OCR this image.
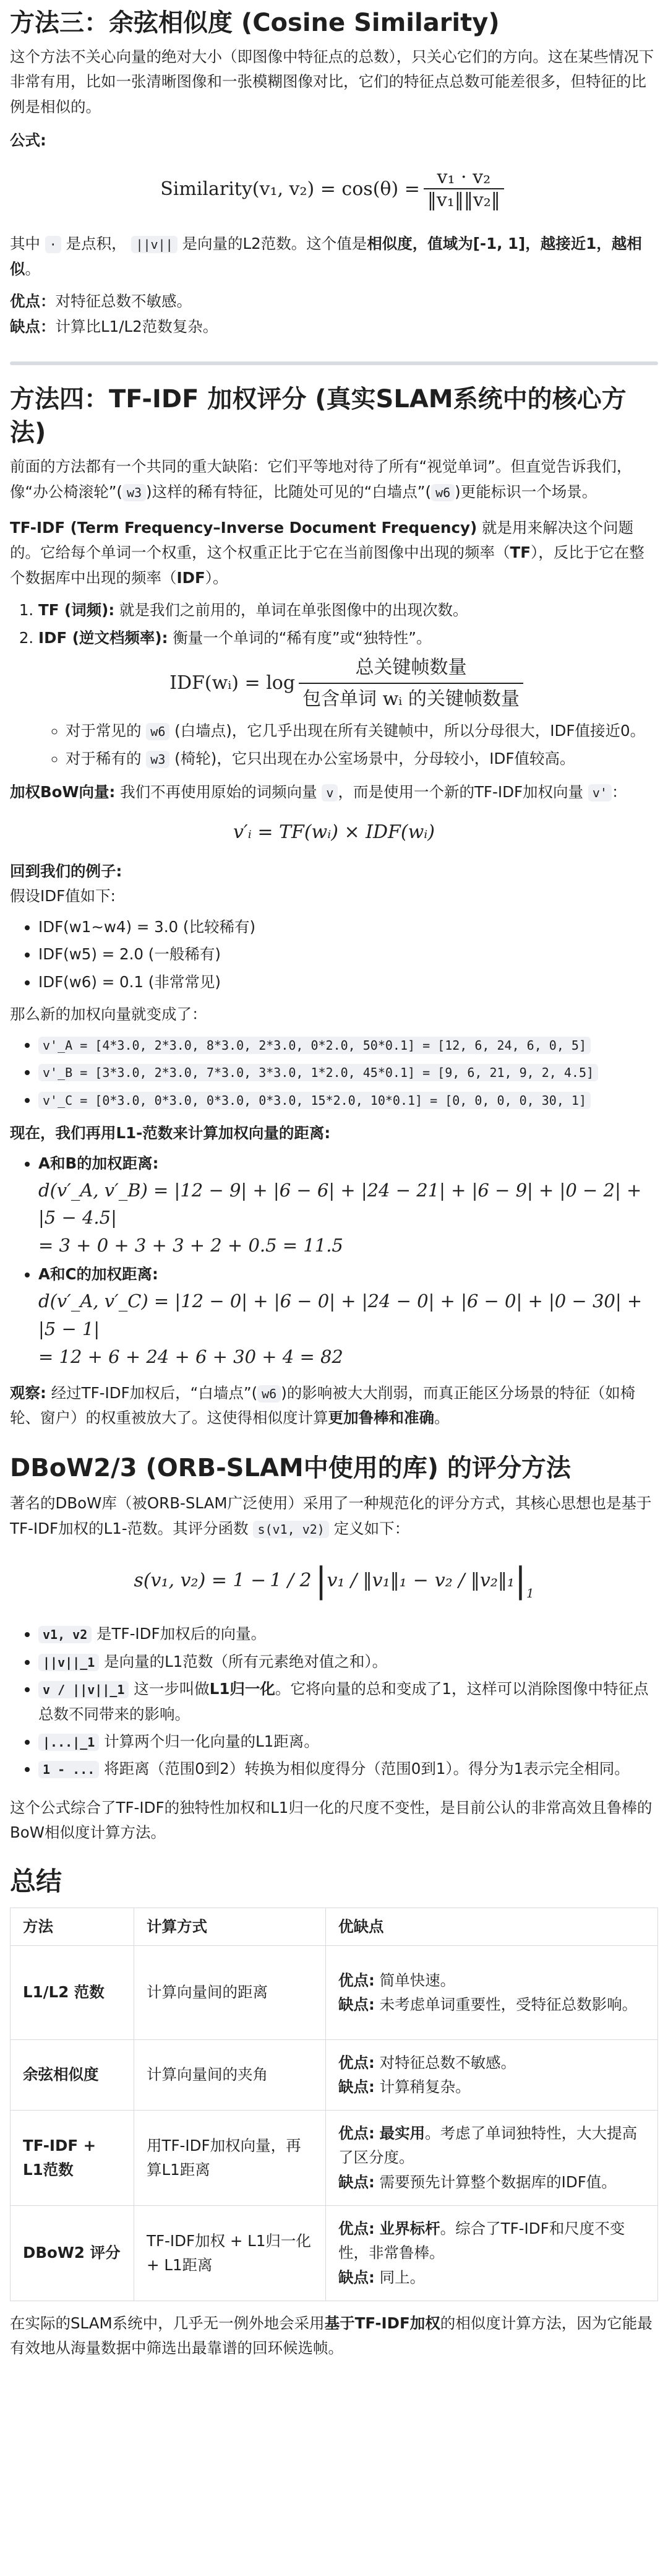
方法三：余弦相似度 (Cosine Similarity)

这个方法不关心向量的绝对大小（即图像中特征点的总数），只关心它们的方向。这在某些情况下非常有用，比如一张清晰图像和一张模糊图像对比，它们的特征点总数可能差很多，但特征的比例是相似的。

公式:
Similarity(v₁, $v_2) = \cos(\theta) = \frac{\text{v₁ · v₂}}{\text{‖v₁‖‖v₂‖}}$

其中 · 是点积， ||v|| 是向量的L2范数。这个值是相似度，值域为[-1, 1]，越接近1，越相似。

优点：对特征总数不敏感。

缺点：计算比L1/L2范数复杂。

方法四：TF-IDF 加权评分 (真实SLAM系统中的核心方法)

前面的方法都有一个共同的重大缺陷：它们平等地对待了所有“视觉单词”。但直觉告诉我们，像“办公椅滚轮”( w3 )这样的稀有特征，比随处可见的“白墙点”( w6 )更能标识一个场景。

TF-IDF (Term Frequency–Inverse Document Frequency) 就是用来解决这个问题的。它给每个单词一个权重，这个权重正比于它在当前图像中出现的频率（TF），反比于它在整个数据库中出现的频率（IDF）。

1. TF (词频): 就是我们之前用的，单词在单张图像中的出现次数。
2. IDF (逆文档频率): 衡量一个单词的“稀有度”或“独特性”。
IDF(wᵢ) = $\log \frac{\text{总关键帧数量}}{\text{包含单词 wᵢ 的关键帧数量}}$
◦ 对于常见的 w6 (白墙点)，它几乎出现在所有关键帧中，所以分母很大，IDF值接近0。
◦ 对于稀有的 w3 (椅轮)，它只出现在办公室场景中，分母较小，IDF值较高。

加权BoW向量: 我们不再使用原始的词频向量 v ，而是使用一个新的TF-IDF加权向量 v' ：

v′ᵢ = TF(wᵢ) × IDF(wᵢ)
回到我们的例子:

假设IDF值如下:

• IDF(w1~w4) = 3.0 (比较稀有)
• IDF(w5) = 2.0 (一般稀有)
• IDF(w6) = 0.1 (非常常见)

那么新的加权向量就变成了：

• v'_A = [4*3.0, 2*3.0, 8*3.0, 2*3.0, 0*2.0, 50*0.1] = [12, 6, 24, 6, 0, 5]
• v'_B = [3*3.0, 2*3.0, 7*3.0, 3*3.0, 1*2.0, 45*0.1] = [9, 6, 21, 9, 2, 4.5]
• v'_C = [0*3.0, 0*3.0, 0*3.0, 0*3.0, 15*2.0, 10*0.1] = [0, 0, 0, 0, 30, 1]
现在，我们再用L1-范数来计算加权向量的距离:
• A和B的加权距离:
d(v′_A, v′_B) = |12 − 9| + |6 − 6| + |24 − 21| + |6 − 9| + |0 − 2| + |5 − 4.5|
= 3 + 0 + 3 + 3 + 2 + 0.5 = 11.5
• A和C的加权距离:
d(v′_A, v′_C) = |12 − 0| + |6 − 0| + |24 − 0| + |6 − 0| + |0 − 30| + |5 − 1|
= 12 + 6 + 24 + 6 + 30 + 4 = 82

观察: 经过TF-IDF加权后，“白墙点”( w6 )的影响被大大削弱，而真正能区分场景的特征（如椅轮、窗户）的权重被放大了。这使得相似度计算更加鲁棒和准确。

DBoW2/3 (ORB-SLAM中使用的库) 的评分方法

著名的DBoW库（被ORB-SLAM广泛使用）采用了一种规范化的评分方式，其核心思想也是基于TF-IDF加权的L1-范数。其评分函数 s(v1, v2) 定义如下：

s(v₁, v₂) = 1 − 1 / 2 | v₁ / ‖v₁‖₁ − v₂ / ‖v₂‖₁ | 1
• v1, v2 是TF-IDF加权后的向量。
• ||v||_1 是向量的L1范数（所有元素绝对值之和）。
• v / ||v||_1 这一步叫做L1归一化。它将向量的总和变成了1，这样可以消除图像中特征点总数不同带来的影响。
• |...|_1 计算两个归一化向量的L1距离。
• 1 - ... 将距离（范围0到2）转换为相似度得分（范围0到1）。得分为1表示完全相同。

这个公式综合了TF-IDF的独特性加权和L1归一化的尺度不变性，是目前公认的非常高效且鲁棒的BoW相似度计算方法。

总结
方法	计算方式	优缺点
L1/L2 范数	计算向量间的距离	优点: 简单快速。
缺点: 未考虑单词重要性，受特征总数影响。

余弦相似度	计算向量间的夹角	优点: 对特征总数不敏感。
缺点: 计算稍复杂。

TF-IDF + L1范数	用TF-IDF加权向量，再算L1距离	优点: 最实用。考虑了单词独特性，大大提高了区分度。
缺点: 需要预先计算整个数据库的IDF值。

DBoW2 评分	TF-IDF加权 + L1归一化 + L1距离	优点: 业界标杆。综合了TF-IDF和尺度不变性，非常鲁棒。
缺点: 同上。

在实际的SLAM系统中，几乎无一例外地会采用基于TF-IDF加权的相似度计算方法，因为它能最有效地从海量数据中筛选出最靠谱的回环候选帧。
